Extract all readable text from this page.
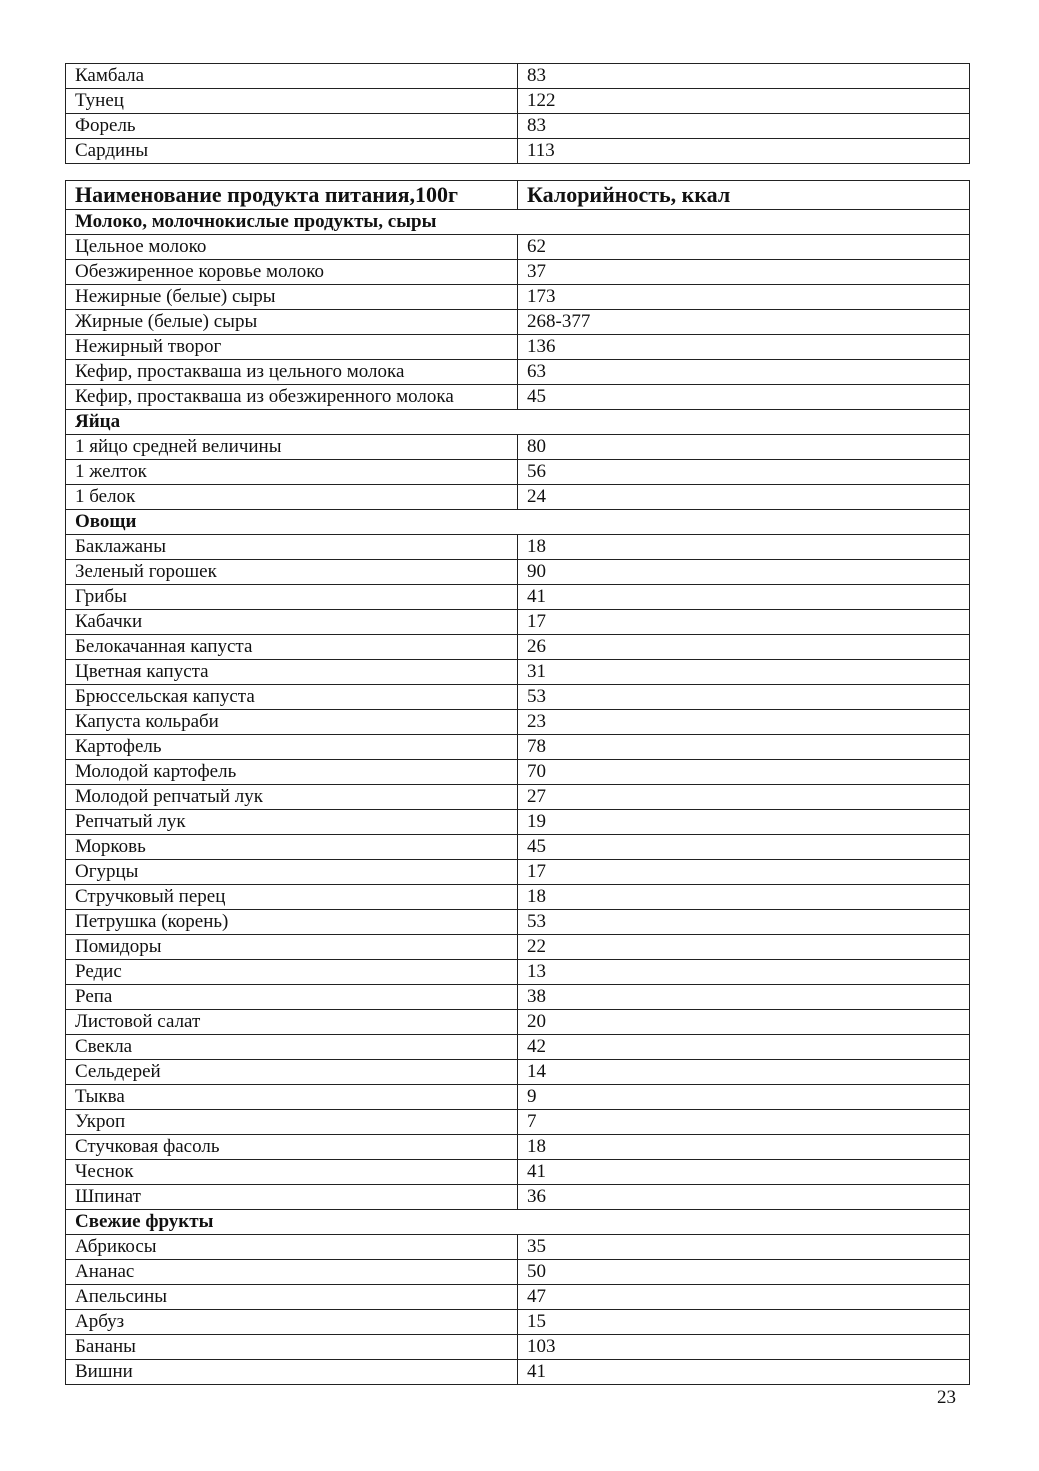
Камбала	83
Тунец	122
Форель	83
Сардины	113
Наименование продукта питания,100г	Калорийность, ккал
Молоко, молочнокислые продукты, сыры	
Цельное молоко	62
Обезжиренное коровье молоко	37
Нежирные (белые) сыры	173
Жирные (белые) сыры	268-377
Нежирный творог	136
Кефир, простакваша из цельного молока	63
Кефир, простакваша из обезжиренного молока	45
Яйца	
1 яйцо средней величины	80
1 желток	56
1 белок	24
Овощи	
Баклажаны	18
Зеленый горошек	90
Грибы	41
Кабачки	17
Белокачанная капуста	26
Цветная капуста	31
Брюссельская капуста	53
Капуста кольраби	23
Картофель	78
Молодой картофель	70
Молодой репчатый лук	27
Репчатый лук	19
Морковь	45
Огурцы	17
Стручковый перец	18
Петрушка (корень)	53
Помидоры	22
Редис	13
Репа	38
Листовой салат	20
Свекла	42
Сельдерей	14
Тыква	9
Укроп	7
Стучковая фасоль	18
Чеснок	41
Шпинат	36
Свежие фрукты	
Абрикосы	35
Ананас	50
Апельсины	47
Арбуз	15
Бананы	103
Вишни	41
23
